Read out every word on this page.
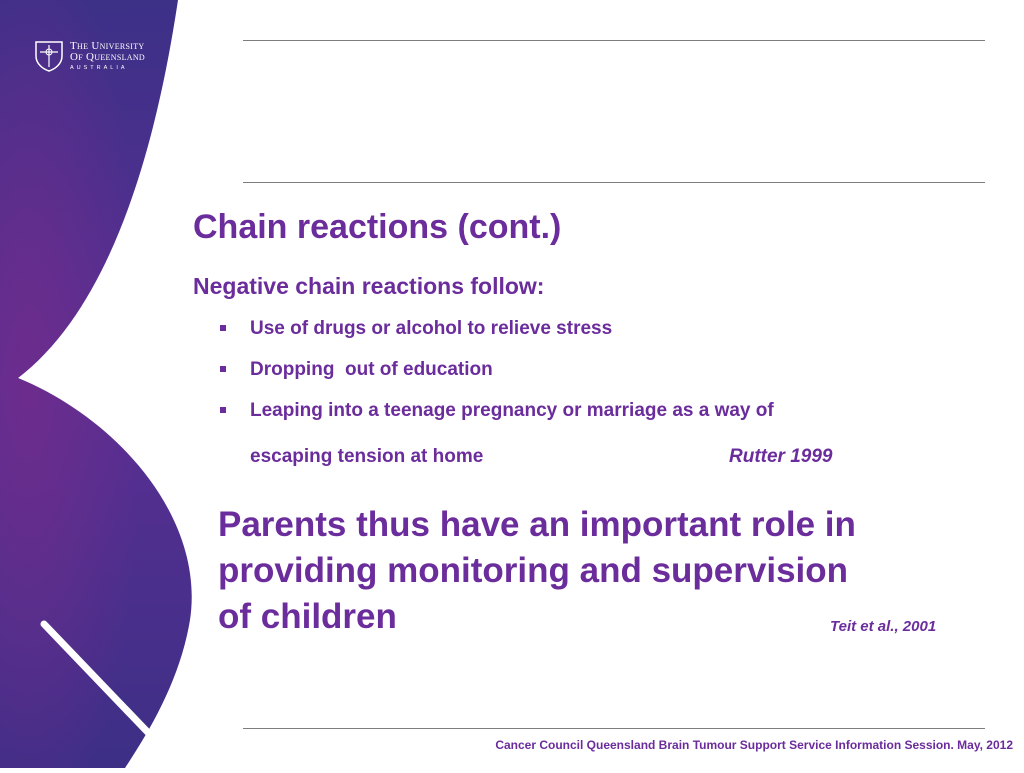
The University
Of Queensland
AUSTRALIA
Chain reactions (cont.)
Negative chain reactions follow:
Use of drugs or alcohol to relieve stress
Dropping  out of education
Leaping into a teenage pregnancy or marriage as a way of
escaping tension at home	Rutter 1999
Parents thus have an important role in
providing monitoring and supervision
of children	Teit et al., 2001
Cancer Council Queensland Brain Tumour Support Service Information Session. May, 2012
